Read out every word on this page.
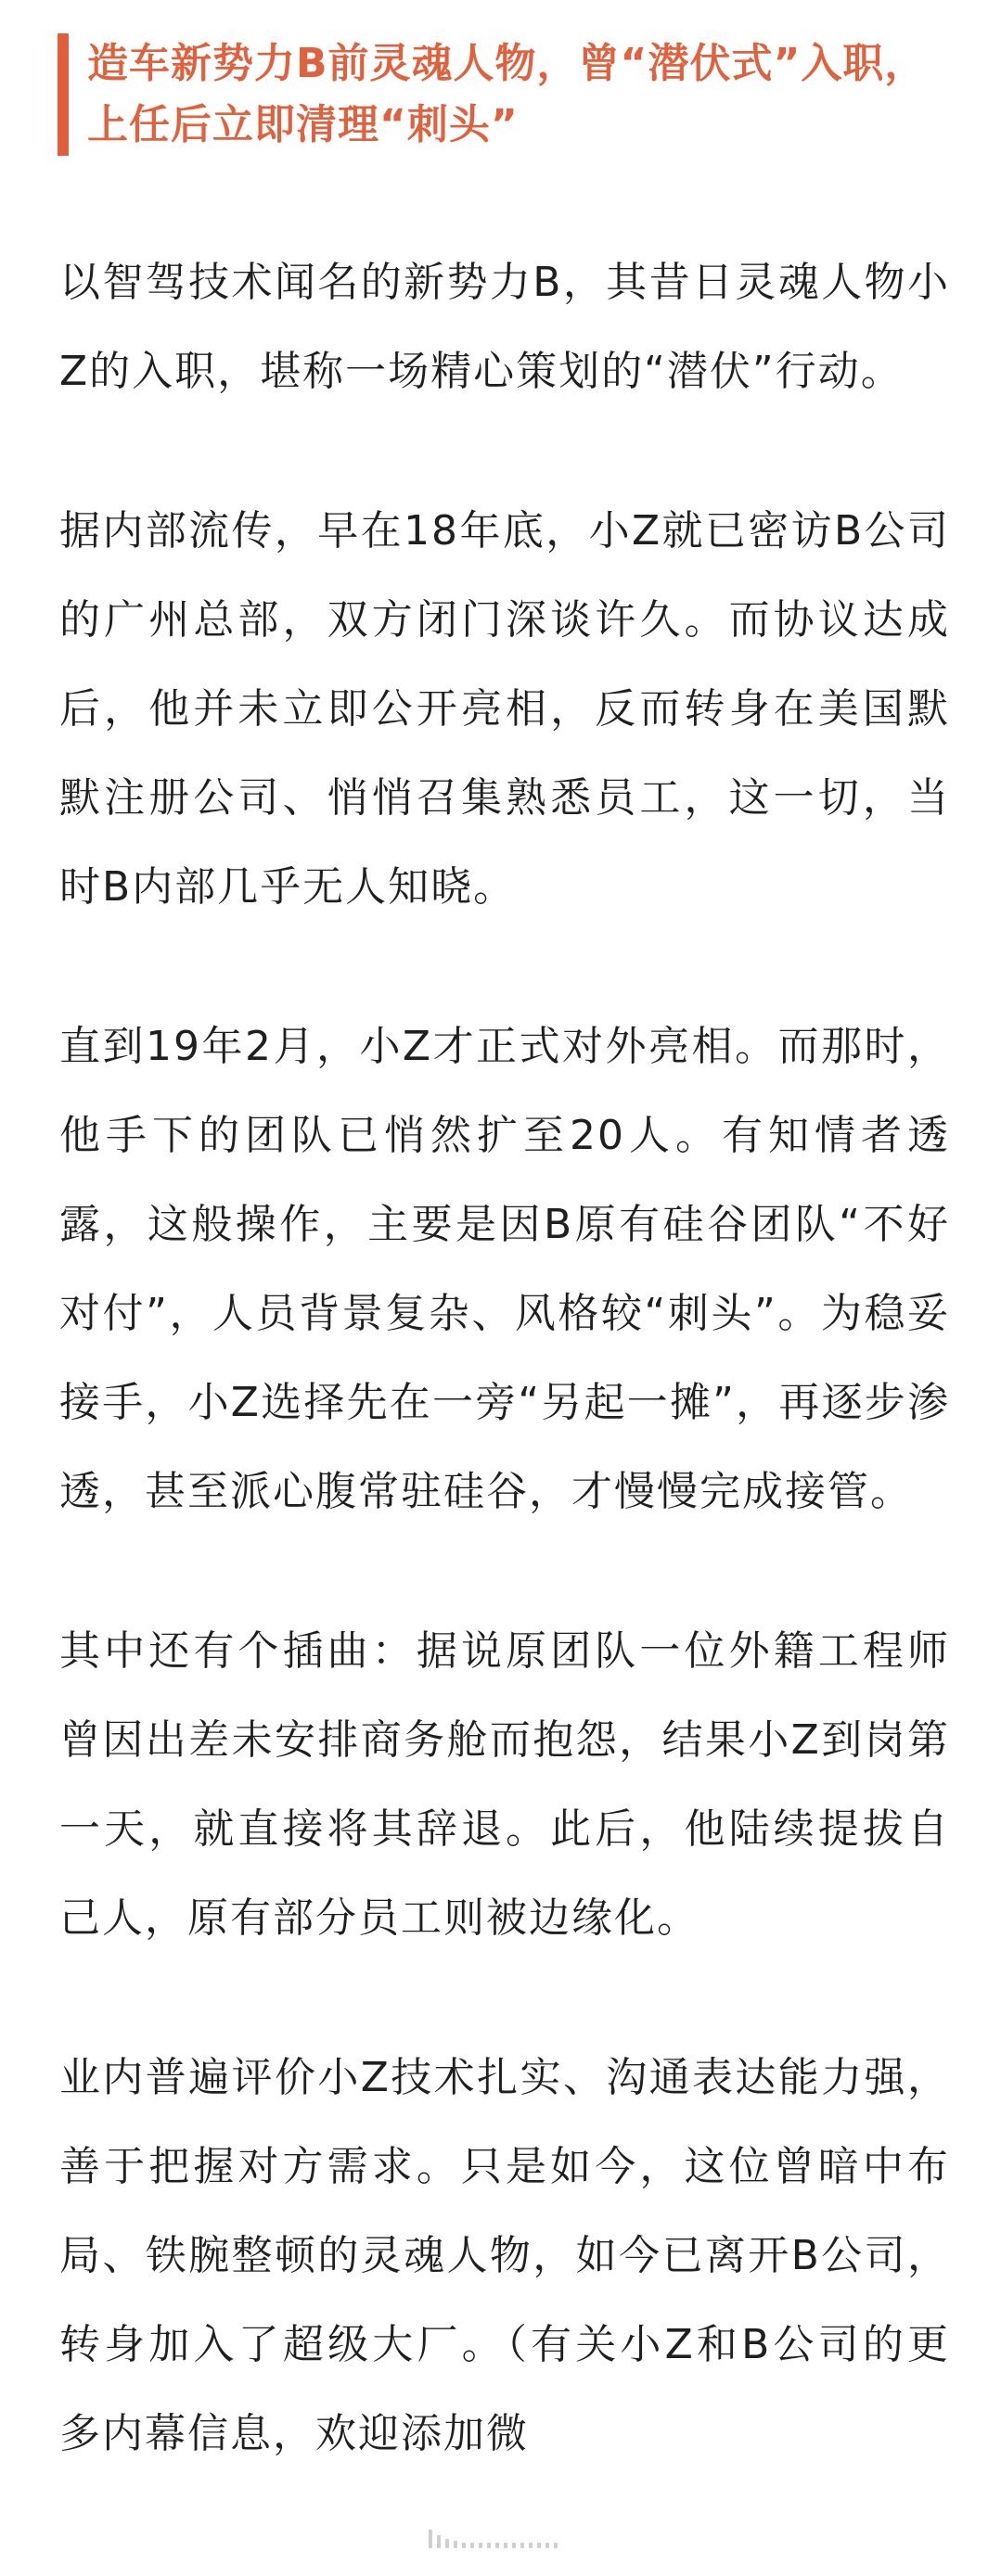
造车新势力B前灵魂人物，曾“潜伏式”入职，上任后立即清理“刺头”

以智驾技术闻名的新势力B，其昔日灵魂人物小Z的入职，堪称一场精心策划的“潜伏”行动。

据内部流传，早在18年底，小Z就已密访B公司的广州总部，双方闭门深谈许久。而协议达成后，他并未立即公开亮相，反而转身在美国默默注册公司、悄悄召集熟悉员工，这一切，当时B内部几乎无人知晓。

直到19年2月，小Z才正式对外亮相。而那时，他手下的团队已悄然扩至20人。有知情者透露，这般操作，主要是因B原有硅谷团队“不好对付”，人员背景复杂、风格较“刺头”。为稳妥接手，小Z选择先在一旁“另起一摊”，再逐步渗透，甚至派心腹常驻硅谷，才慢慢完成接管。

其中还有个插曲：据说原团队一位外籍工程师曾因出差未安排商务舱而抱怨，结果小Z到岗第一天，就直接将其辞退。此后，他陆续提拔自己人，原有部分员工则被边缘化。

业内普遍评价小Z技术扎实、沟通表达能力强，善于把握对方需求。只是如今，这位曾暗中布局、铁腕整顿的灵魂人物，如今已离开B公司，转身加入了超级大厂。（有关小Z和B公司的更多内幕信息，欢迎添加微
